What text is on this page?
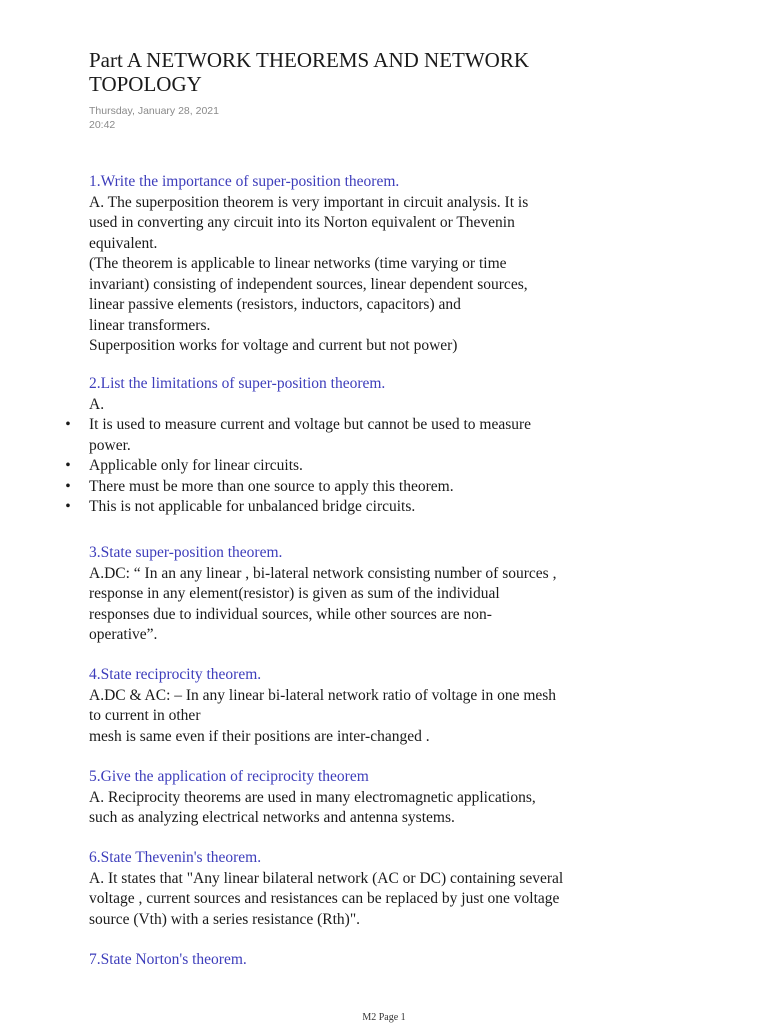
Part A NETWORK THEOREMS AND NETWORK
TOPOLOGY
Thursday, January 28, 2021
20:42
1.Write the importance of super-position theorem.
A. The superposition theorem is very important in circuit analysis. It is
used in converting any circuit into its Norton equivalent or Thevenin
equivalent.
(The theorem is applicable to linear networks (time varying or time
invariant) consisting of independent sources, linear dependent sources,
linear passive elements (resistors, inductors, capacitors) and
linear transformers.
Superposition works for voltage and current but not power)
2.List the limitations of super-position theorem.
A.
• It is used to measure current and voltage but cannot be used to measure
power.
• Applicable only for linear circuits.
• There must be more than one source to apply this theorem.
• This is not applicable for unbalanced bridge circuits.
3.State super-position theorem.
A.DC: “ In an any linear , bi-lateral network consisting number of sources ,
response in any element(resistor) is given as sum of the individual
responses due to individual sources, while other sources are non-
operative”.
4.State reciprocity theorem.
A.DC & AC: – In any linear bi-lateral network ratio of voltage in one mesh
to current in other
mesh is same even if their positions are inter-changed .
5.Give the application of reciprocity theorem
A. Reciprocity theorems are used in many electromagnetic applications,
such as analyzing electrical networks and antenna systems.
6.State Thevenin's theorem.
A. It states that "Any linear bilateral network (AC or DC) containing several
voltage , current sources and resistances can be replaced by just one voltage
source (Vth) with a series resistance (Rth)".
7.State Norton's theorem.
M2 Page 1
